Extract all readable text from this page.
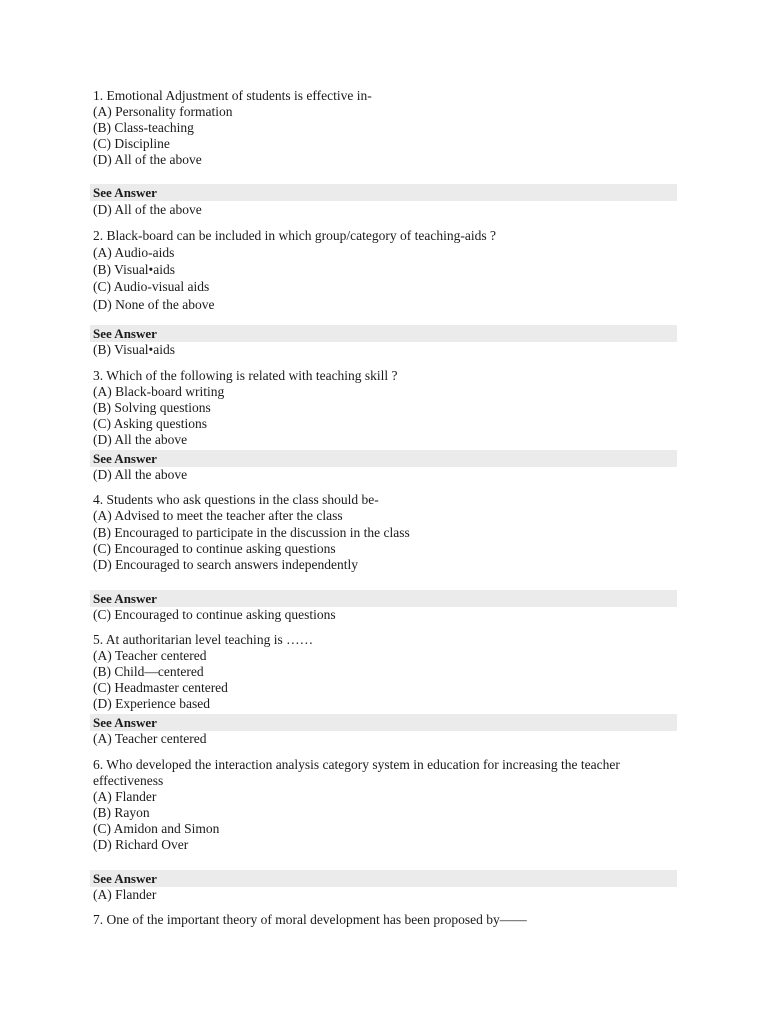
1. Emotional Adjustment of students is effective in-
(A) Personality formation
(B) Class-teaching
(C) Discipline
(D) All of the above
See Answer
(D) All of the above
2. Black-board can be included in which group/category of teaching-aids ?
(A) Audio-aids
(B) Visual•aids
(C) Audio-visual aids
(D) None of the above
See Answer
(B) Visual•aids
3. Which of the following is related with teaching skill ?
(A) Black-board writing
(B) Solving questions
(C) Asking questions
(D) All the above
See Answer
(D) All the above
4. Students who ask questions in the class should be-
(A) Advised to meet the teacher after the class
(B) Encouraged to participate in the discussion in the class
(C) Encouraged to continue asking questions
(D) Encouraged to search answers independently
See Answer
(C) Encouraged to continue asking questions
5. At authoritarian level teaching is ……
(A) Teacher centered
(B) Child—centered
(C) Headmaster centered
(D) Experience based
See Answer
(A) Teacher centered
6. Who developed the interaction analysis category system in education for increasing the teacher
effectiveness
(A) Flander
(B) Rayon
(C) Amidon and Simon
(D) Richard Over
See Answer
(A) Flander
7. One of the important theory of moral development has been proposed by——
